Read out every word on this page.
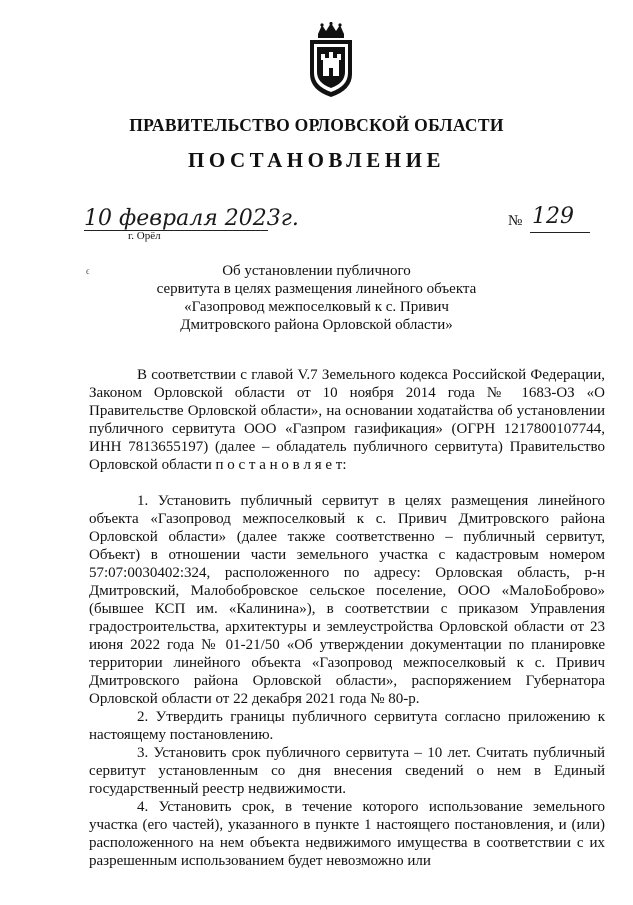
ПРАВИТЕЛЬСТВО ОРЛОВСКОЙ ОБЛАСТИ
ПОСТАНОВЛЕНИЕ
10 февраля 2023г.
г. Орёл
№ 129
ϵ	Об установлении публичного
сервитута в целях размещения линейного объекта
«Газопровод межпоселковый к с. Привич
Дмитровского района Орловской области»

В соответствии с главой V.7 Земельного кодекса Российской Федерации, Законом Орловской области от 10 ноября 2014 года № 1683-ОЗ «О Правительстве Орловской области», на основании ходатайства об установлении публичного сервитута ООО «Газпром газификация» (ОГРН 1217800107744, ИНН 7813655197) (далее – обладатель публичного сервитута) Правительство Орловской области п о с т а н о в л я е т:

1. Установить публичный сервитут в целях размещения линейного объекта «Газопровод межпоселковый к с. Привич Дмитровского района Орловской области» (далее также соответственно – публичный сервитут, Объект) в отношении части земельного участка с кадастровым номером 57:07:0030402:324, расположенного по адресу: Орловская область, р-н Дмитровский, Малобобровское сельское поселение, ООО «МалоБоброво» (бывшее КСП им. «Калинина»), в соответствии с приказом Управления градостроительства, архитектуры и землеустройства Орловской области от 23 июня 2022 года № 01-21/50 «Об утверждении документации по планировке территории линейного объекта «Газопровод межпоселковый к с. Привич Дмитровского района Орловской области», распоряжением Губернатора Орловской области от 22 декабря 2021 года № 80-р.

2. Утвердить границы публичного сервитута согласно приложению к настоящему постановлению.

3. Установить срок публичного сервитута – 10 лет. Считать публичный сервитут установленным со дня внесения сведений о нем в Единый государственный реестр недвижимости.

4. Установить срок, в течение которого использование земельного участка (его частей), указанного в пункте 1 настоящего постановления, и (или) расположенного на нем объекта недвижимого имущества в соответствии с их разрешенным использованием будет невозможно или
